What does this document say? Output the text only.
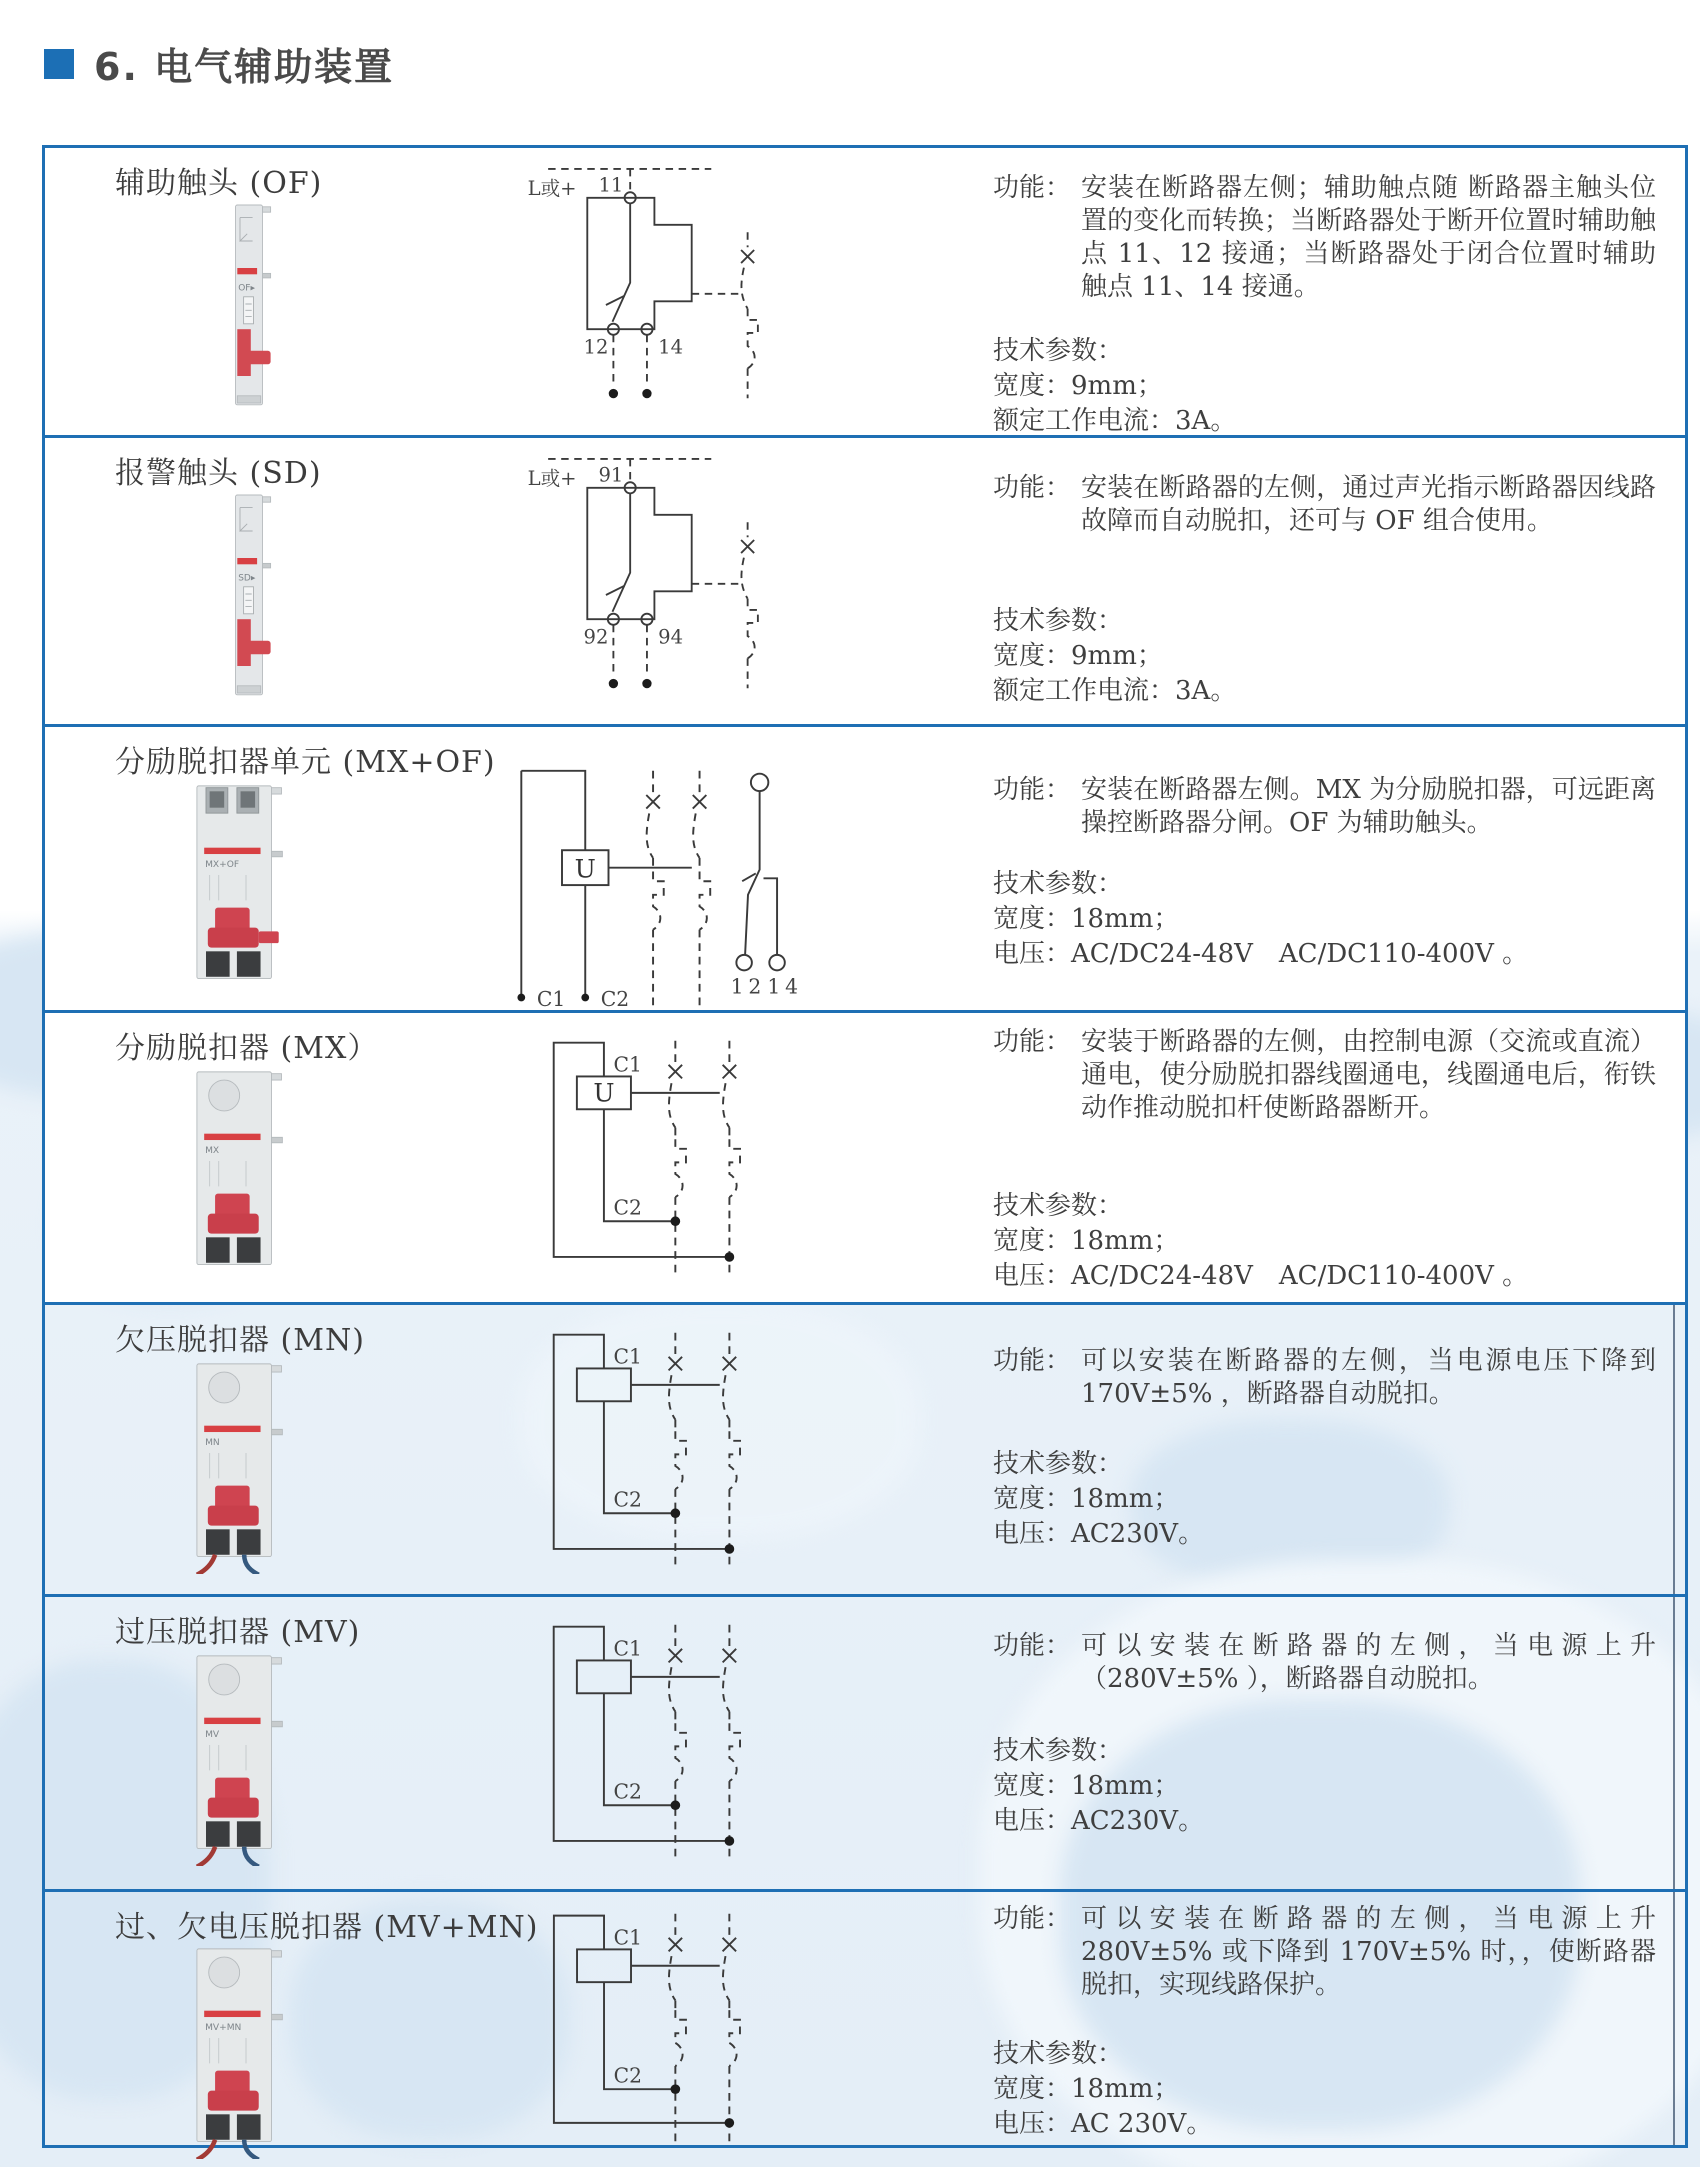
6. 电气辅助装置
辅助触头 (OF)
OF▸
L或+ 11
12 14
功能： 安装在断路器左侧；辅助触点随 断路器主触头位置的变化而转换；当断路器处于断开位置时辅助触点 11、12 接通；当断路器处于闭合位置时辅助触点 11、14 接通。

技术参数：
宽度：9mm；
额定工作电流：3A。
报警触头 (SD)
SD▸
L或+ 91
92 94
功能： 安装在断路器的左侧，通过声光指示断路器因线路故障而自动脱扣，还可与 OF 组合使用。

技术参数：
宽度：9mm；
额定工作电流：3A。
分励脱扣器单元 (MX+OF)
MX+OF
C1
U
C2
12 14
功能： 安装在断路器左侧。MX 为分励脱扣器，可远距离操控断路器分闸。OF 为辅助触头。

技术参数：
宽度：18mm；
电压：AC/DC24-48V　AC/DC110-400V 。
分励脱扣器 (MX）
MX
C1
U
C2
功能： 安装于断路器的左侧，由控制电源（交流或直流）通电，使分励脱扣器线圈通电，线圈通电后，衔铁动作推动脱扣杆使断路器断开。

技术参数：
宽度：18mm；
电压：AC/DC24-48V　AC/DC110-400V 。
欠压脱扣器 (MN)
MN
C1
C2
功能： 可以安装在断路器的左侧，当电源电压下降到 170V±5% ，断路器自动脱扣。

技术参数：
宽度：18mm；
电压：AC230V。
过压脱扣器 (MV)
MV
C1
C2
功能： 可以安装在断路器的左侧，当电源上升（280V±5% ），断路器自动脱扣。

技术参数：
宽度：18mm；
电压：AC230V。
过、欠电压脱扣器 (MV+MN)
MV+MN
C1
C2
功能： 可以安装在断路器的左侧，当电源上升 280V±5% 或下降到 170V±5% 时，，使断路器脱扣，实现线路保护。

技术参数：
宽度：18mm；
电压：AC 230V。
